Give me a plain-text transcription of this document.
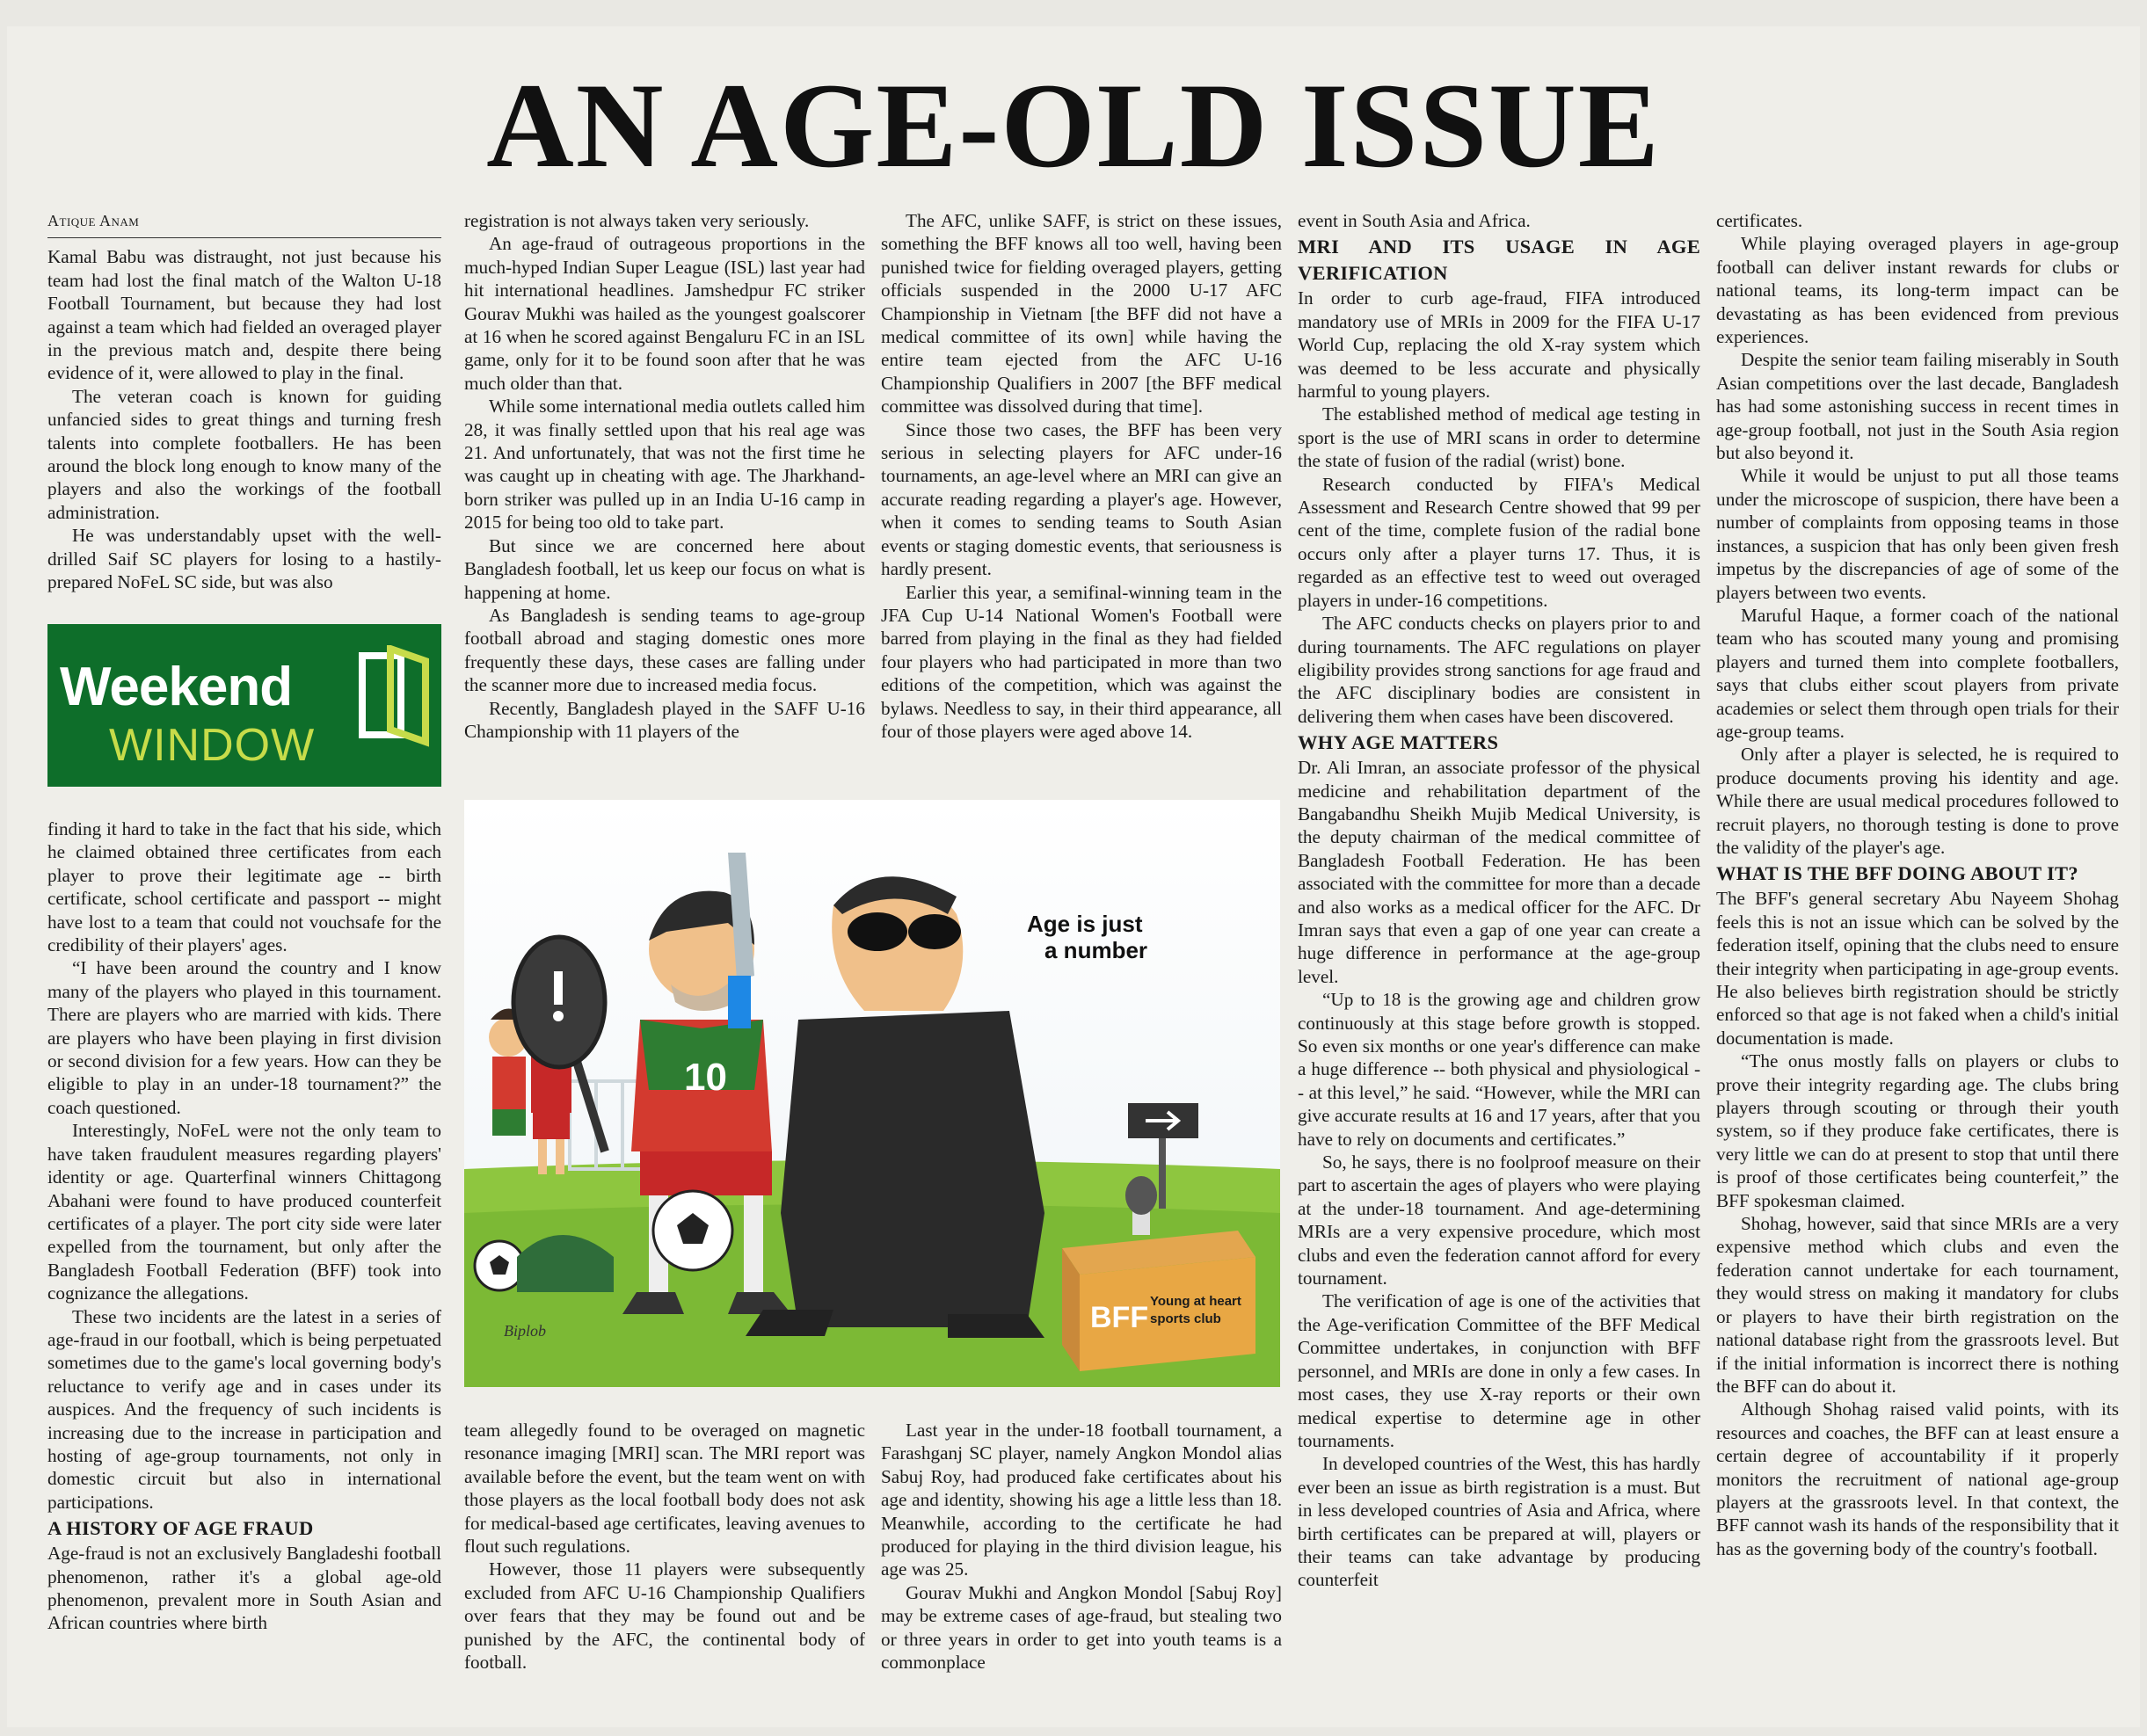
AN AGE-OLD ISSUE
Atique Anam

Kamal Babu was distraught, not just because his team had lost the final match of the Walton U-18 Football Tournament, but because they had lost against a team which had fielded an overaged player in the previous match and, despite there being evidence of it, were allowed to play in the final.

The veteran coach is known for guiding unfancied sides to great things and turning fresh talents into complete footballers. He has been around the block long enough to know many of the players and also the workings of the football administration.

He was understandably upset with the well-drilled Saif SC players for losing to a hastily-prepared NoFeL SC side, but was also

Weekend
WINDOW

finding it hard to take in the fact that his side, which he claimed obtained three certificates from each player to prove their legitimate age -- birth certificate, school certificate and passport -- might have lost to a team that could not vouchsafe for the credibility of their players' ages.

“I have been around the country and I know many of the players who played in this tournament. There are players who are married with kids. There are players who have been playing in first division or second division for a few years. How can they be eligible to play in an under-18 tournament?” the coach questioned.

Interestingly, NoFeL were not the only team to have taken fraudulent measures regarding players' identity or age. Quarterfinal winners Chittagong Abahani were found to have produced counterfeit certificates of a player. The port city side were later expelled from the tournament, but only after the Bangladesh Football Federation (BFF) took into cognizance the allegations.

These two incidents are the latest in a series of age-fraud in our football, which is being perpetuated sometimes due to the game's local governing body's reluctance to verify age and in cases under its auspices. And the frequency of such incidents is increasing due to the increase in participation and hosting of age-group tournaments, not only in domestic circuit but also in international participations.

A HISTORY OF AGE FRAUD

Age-fraud is not an exclusively Bangladeshi football phenomenon, rather it's a global age-old phenomenon, prevalent more in South Asian and African countries where birth

registration is not always taken very seriously.

An age-fraud of outrageous proportions in the much-hyped Indian Super League (ISL) last year had hit international headlines. Jamshedpur FC striker Gourav Mukhi was hailed as the youngest goalscorer at 16 when he scored against Bengaluru FC in an ISL game, only for it to be found soon after that he was much older than that.

While some international media outlets called him 28, it was finally settled upon that his real age was 21. And unfortunately, that was not the first time he was caught up in cheating with age. The Jharkhand-born striker was pulled up in an India U-16 camp in 2015 for being too old to take part.

But since we are concerned here about Bangladesh football, let us keep our focus on what is happening at home.

As Bangladesh is sending teams to age-group football abroad and staging domestic ones more frequently these days, these cases are falling under the scanner more due to increased media focus.

Recently, Bangladesh played in the SAFF U-16 Championship with 11 players of the

The AFC, unlike SAFF, is strict on these issues, something the BFF knows all too well, having been punished twice for fielding overaged players, getting officials suspended in the 2000 U-17 AFC Championship in Vietnam [the BFF did not have a medical committee of its own] while having the entire team ejected from the AFC U-16 Championship Qualifiers in 2007 [the BFF medical committee was dissolved during that time].

Since those two cases, the BFF has been very serious in selecting players for AFC under-16 tournaments, an age-level where an MRI can give an accurate reading regarding a player's age. However, when it comes to sending teams to South Asian events or staging domestic events, that seriousness is hardly present.

Earlier this year, a semifinal-winning team in the JFA Cup U-14 National Women's Football were barred from playing in the final as they had fielded four players who had participated in more than two editions of the competition, which was against the bylaws. Needless to say, in their third appearance, all four of those players were aged above 14.

10
Age is just a number
BFF Young at heart sports club
Biplob

team allegedly found to be overaged on magnetic resonance imaging [MRI] scan. The MRI report was available before the event, but the team went on with those players as the local football body does not ask for medical-based age certificates, leaving avenues to flout such regulations.

However, those 11 players were subsequently excluded from AFC U-16 Championship Qualifiers over fears that they may be found out and be punished by the AFC, the continental body of football.

Last year in the under-18 football tournament, a Farashganj SC player, namely Angkon Mondol alias Sabuj Roy, had produced fake certificates about his age and identity, showing his age a little less than 18. Meanwhile, according to the certificate he had produced for playing in the third division league, his age was 25.

Gourav Mukhi and Angkon Mondol [Sabuj Roy] may be extreme cases of age-fraud, but stealing two or three years in order to get into youth teams is a commonplace

event in South Asia and Africa.

MRI AND ITS USAGE IN AGE VERIFICATION

In order to curb age-fraud, FIFA introduced mandatory use of MRIs in 2009 for the FIFA U-17 World Cup, replacing the old X-ray system which was deemed to be less accurate and physically harmful to young players.

The established method of medical age testing in sport is the use of MRI scans in order to determine the state of fusion of the radial (wrist) bone.

Research conducted by FIFA's Medical Assessment and Research Centre showed that 99 per cent of the time, complete fusion of the radial bone occurs only after a player turns 17. Thus, it is regarded as an effective test to weed out overaged players in under-16 competitions.

The AFC conducts checks on players prior to and during tournaments. The AFC regulations on player eligibility provides strong sanctions for age fraud and the AFC disciplinary bodies are consistent in delivering them when cases have been discovered.

WHY AGE MATTERS

Dr. Ali Imran, an associate professor of the physical medicine and rehabilitation department of the Bangabandhu Sheikh Mujib Medical University, is the deputy chairman of the medical committee of Bangladesh Football Federation. He has been associated with the committee for more than a decade and also works as a medical officer for the AFC. Dr Imran says that even a gap of one year can create a huge difference in performance at the age-group level.

“Up to 18 is the growing age and children grow continuously at this stage before growth is stopped. So even six months or one year's difference can make a huge difference -- both physical and physiological -- at this level,” he said. “However, while the MRI can give accurate results at 16 and 17 years, after that you have to rely on documents and certificates.”

So, he says, there is no foolproof measure on their part to ascertain the ages of players who were playing at the under-18 tournament. And age-determining MRIs are a very expensive procedure, which most clubs and even the federation cannot afford for every tournament.

The verification of age is one of the activities that the Age-verification Committee of the BFF Medical Committee undertakes, in conjunction with BFF personnel, and MRIs are done in only a few cases. In most cases, they use X-ray reports or their own medical expertise to determine age in other tournaments.

In developed countries of the West, this has hardly ever been an issue as birth registration is a must. But in less developed countries of Asia and Africa, where birth certificates can be prepared at will, players or their teams can take advantage by producing counterfeit

certificates.

While playing overaged players in age-group football can deliver instant rewards for clubs or national teams, its long-term impact can be devastating as has been evidenced from previous experiences.

Despite the senior team failing miserably in South Asian competitions over the last decade, Bangladesh has had some astonishing success in recent times in age-group football, not just in the South Asia region but also beyond it.

While it would be unjust to put all those teams under the microscope of suspicion, there have been a number of complaints from opposing teams in those instances, a suspicion that has only been given fresh impetus by the discrepancies of age of some of the players between two events.

Maruful Haque, a former coach of the national team who has scouted many young and promising players and turned them into complete footballers, says that clubs either scout players from private academies or select them through open trials for their age-group teams.

Only after a player is selected, he is required to produce documents proving his identity and age. While there are usual medical procedures followed to recruit players, no thorough testing is done to prove the validity of the player's age.

WHAT IS THE BFF DOING ABOUT IT?

The BFF's general secretary Abu Nayeem Shohag feels this is not an issue which can be solved by the federation itself, opining that the clubs need to ensure their integrity when participating in age-group events. He also believes birth registration should be strictly enforced so that age is not faked when a child's initial documentation is made.

“The onus mostly falls on players or clubs to prove their integrity regarding age. The clubs bring players through scouting or through their youth system, so if they produce fake certificates, there is very little we can do at present to stop that until there is proof of those certificates being counterfeit,” the BFF spokesman claimed.

Shohag, however, said that since MRIs are a very expensive method which clubs and even the federation cannot undertake for each tournament, they would stress on making it mandatory for clubs or players to have their birth registration on the national database right from the grassroots level. But if the initial information is incorrect there is nothing the BFF can do about it.

Although Shohag raised valid points, with its resources and coaches, the BFF can at least ensure a certain degree of accountability if it properly monitors the recruitment of national age-group players at the grassroots level. In that context, the BFF cannot wash its hands of the responsibility that it has as the governing body of the country's football.
